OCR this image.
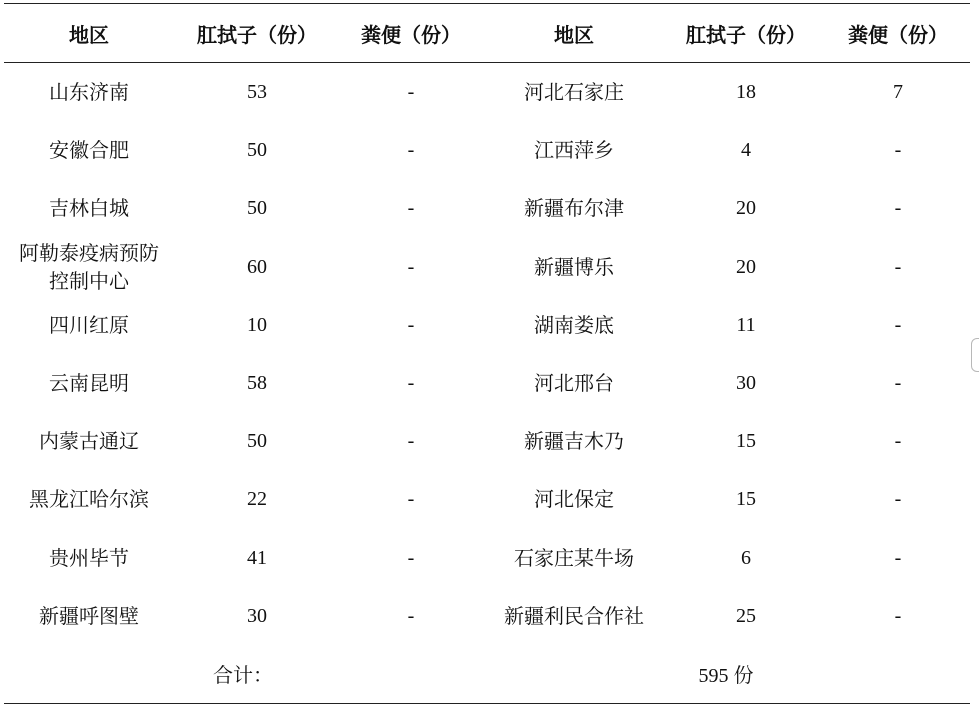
地区	肛拭子（份）	粪便（份）	地区	肛拭子（份）	粪便（份）
山东济南	53	-	河北石家庄	18	7
安徽合肥	50	-	江西萍乡	4	-
吉林白城	50	-	新疆布尔津	20	-
阿勒泰疫病预防控制中心	60	-	新疆博乐	20	-
四川红原	10	-	湖南娄底	11	-
云南昆明	58	-	河北邢台	30	-
内蒙古通辽	50	-	新疆吉木乃	15	-
黑龙江哈尔滨	22	-	河北保定	15	-
贵州毕节	41	-	石家庄某牛场	6	-
新疆呼图壁	30	-	新疆利民合作社	25	-
合计：			595 份		
